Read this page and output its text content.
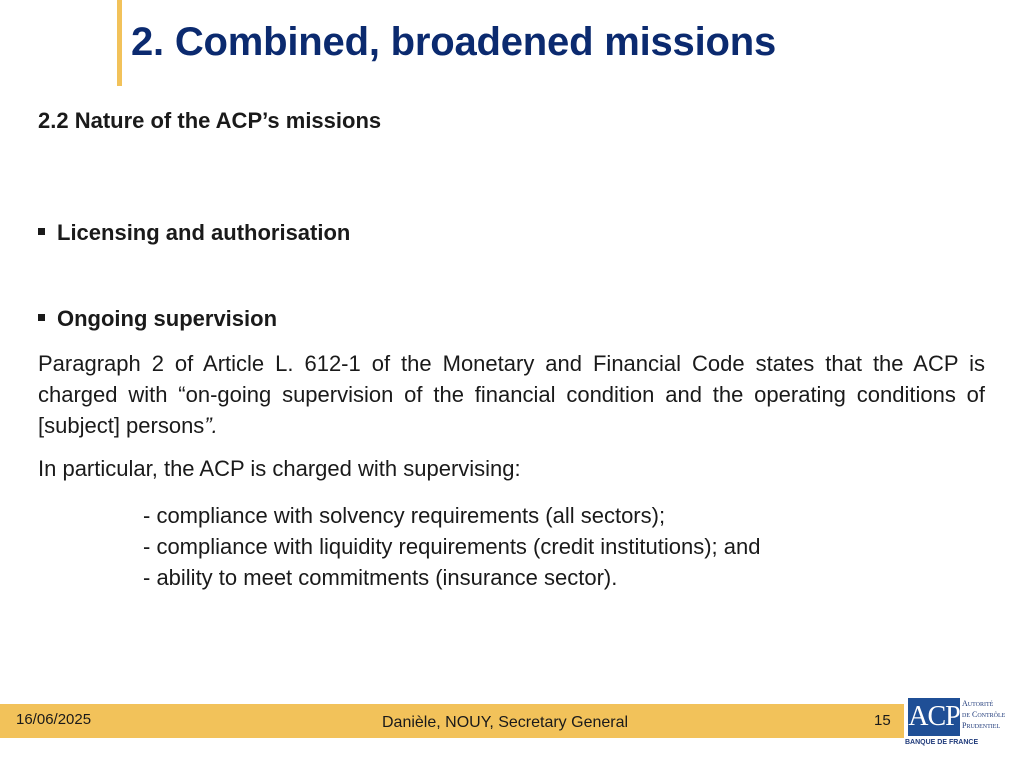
2. Combined, broadened missions
2.2 Nature of the ACP’s missions
Licensing and authorisation
Ongoing supervision

Paragraph 2 of Article L. 612-1 of the Monetary and Financial Code states that the ACP is charged with “on-going supervision of the financial condition and the operating conditions of [subject] persons”.

In particular, the ACP is charged with supervising:
- compliance with solvency requirements (all sectors);
- compliance with liquidity requirements (credit institutions); and
- ability to meet commitments (insurance sector).
16/06/2025	Danièle, NOUY, Secretary General	15 ACP Autorité
de Contrôle
Prudentiel
BANQUE DE FRANCE
